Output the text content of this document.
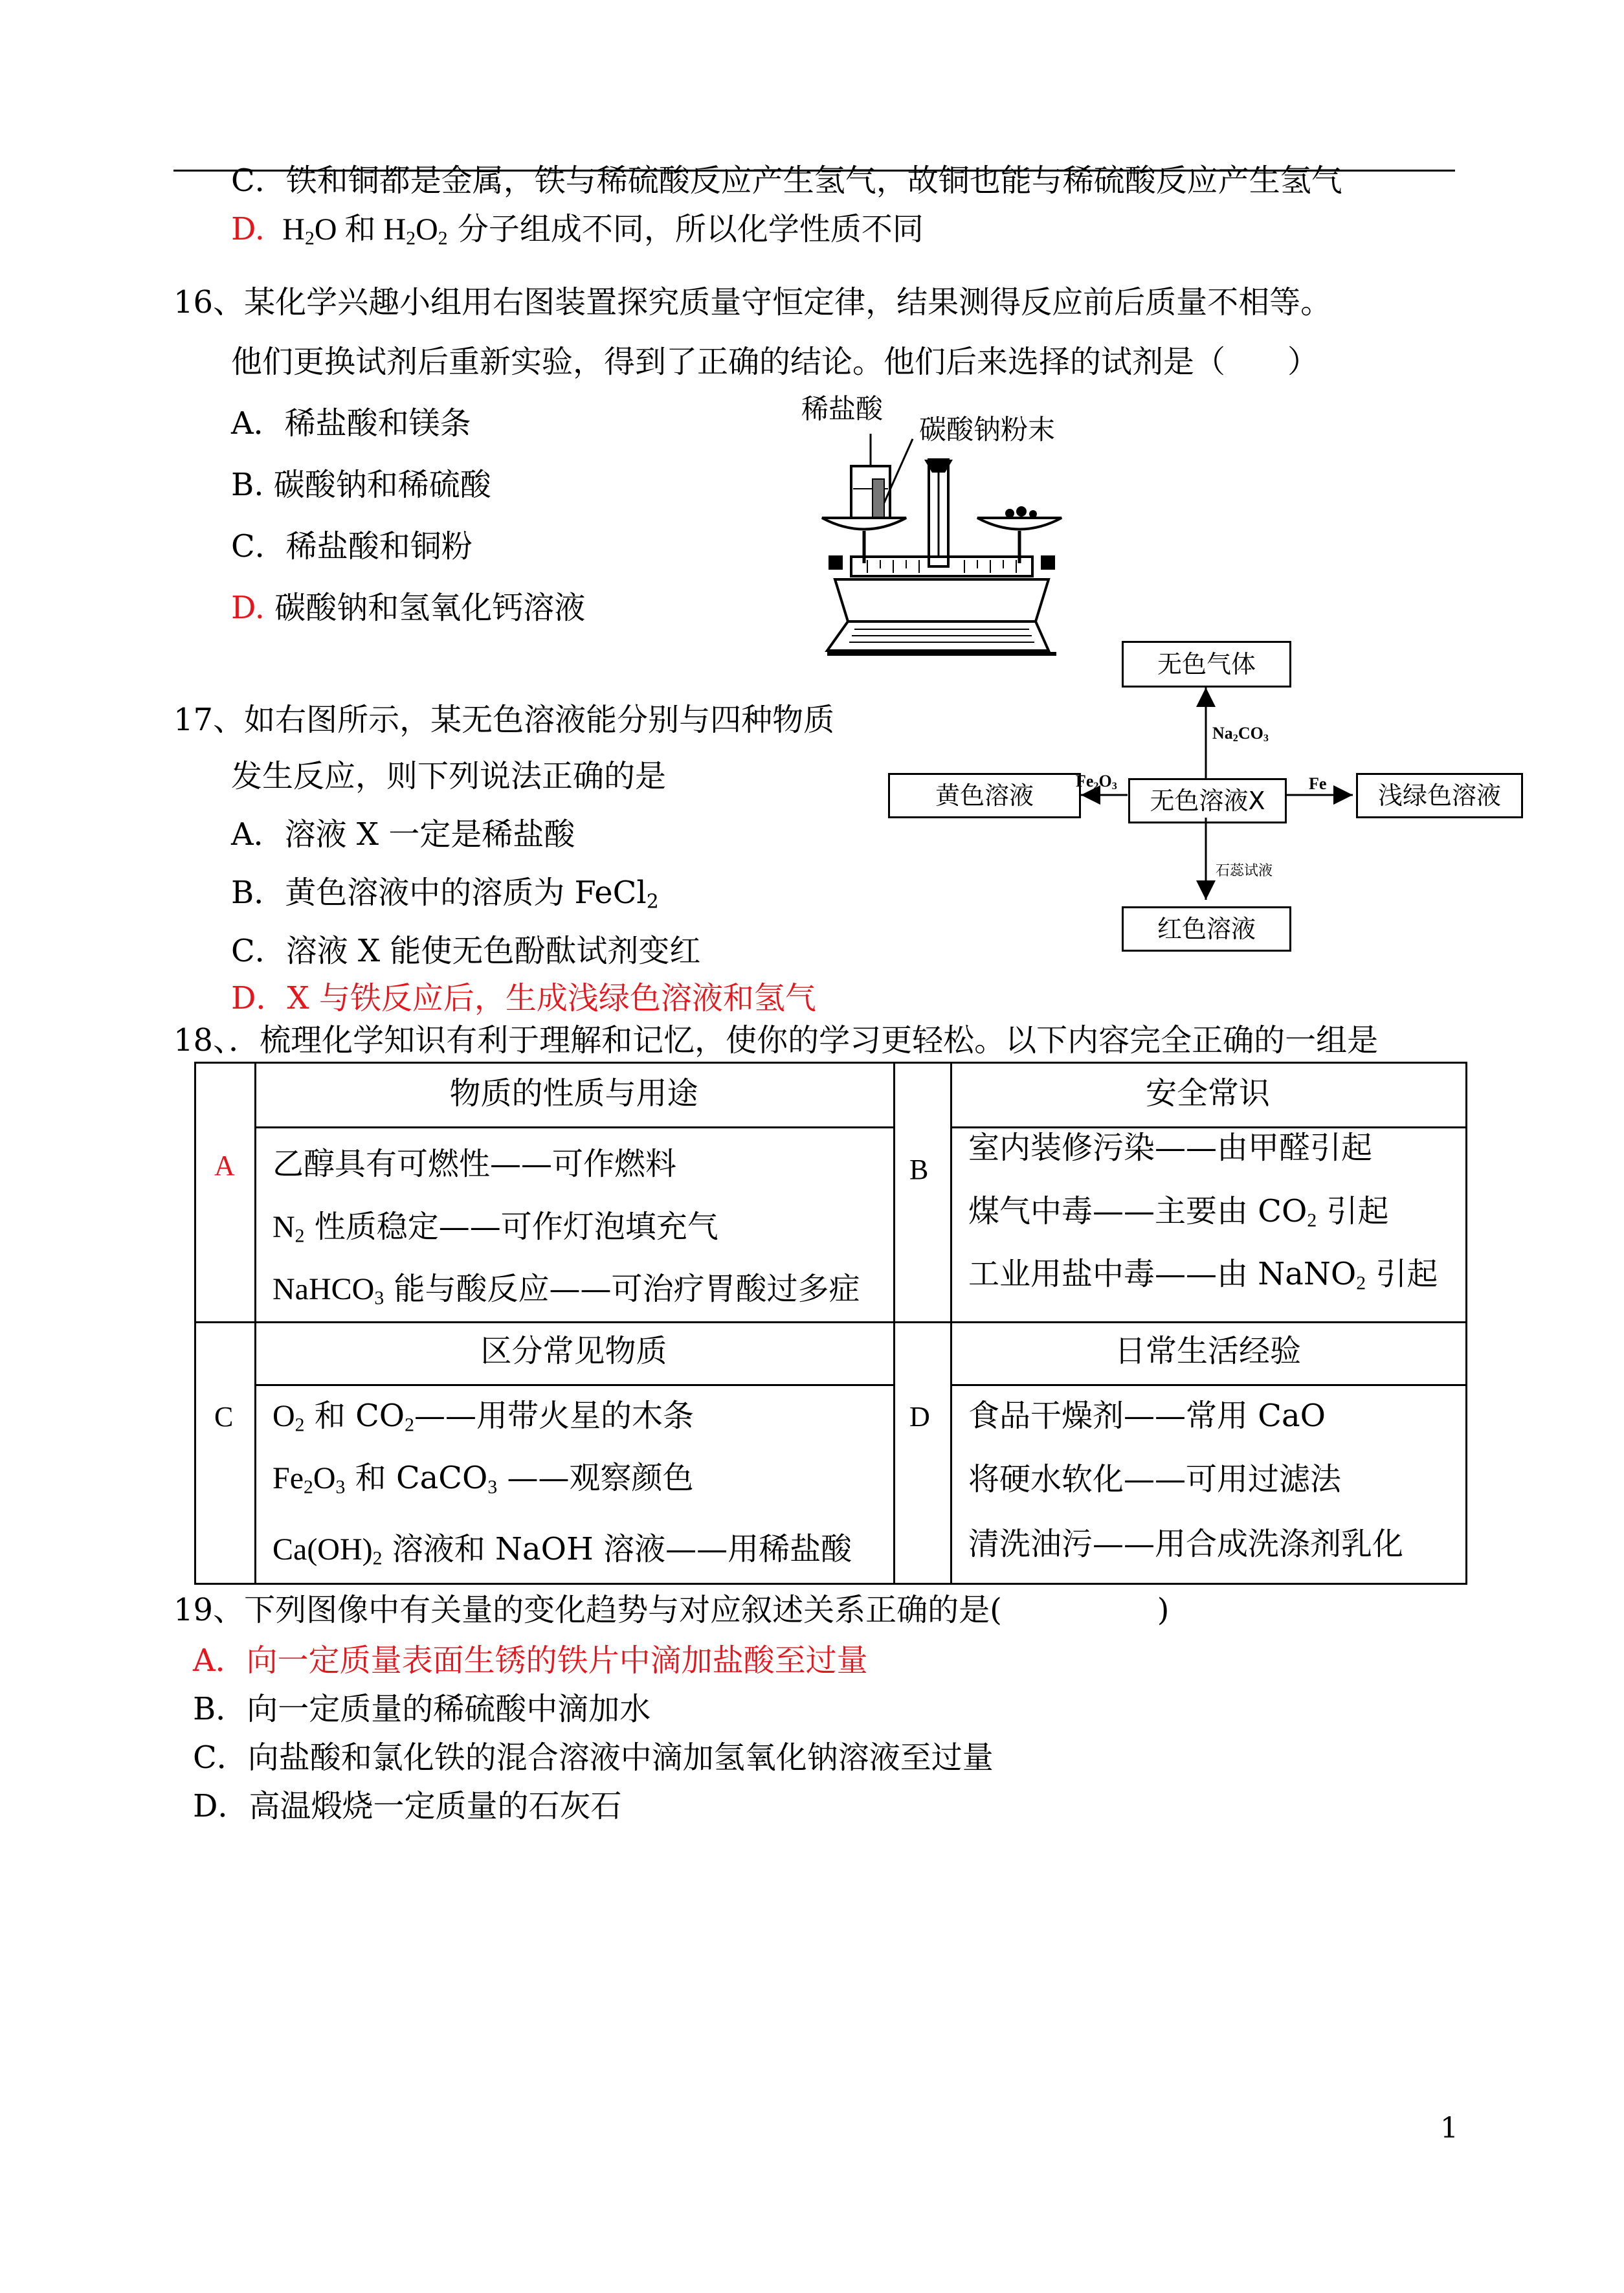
C．铁和铜都是金属，铁与稀硫酸反应产生氢气，故铜也能与稀硫酸反应产生氢气
D. $H_2O$ 和 $H_2O_2$ 分子组成不同，所以化学性质不同
16、某化学兴趣小组用右图装置探究质量守恒定律，结果测得反应前后质量不相等。
他们更换试剂后重新实验，得到了正确的结论。他们后来选择的试剂是（　　）
A．稀盐酸和镁条
B. 碳酸钠和稀硫酸
C．稀盐酸和铜粉
D. 碳酸钠和氢氧化钙溶液
稀盐酸
碳酸钠粉末
17、如右图所示，某无色溶液能分别与四种物质
发生反应，则下列说法正确的是
A．溶液 X 一定是稀盐酸
B．黄色溶液中的溶质为 FeCl$_2$
C．溶液 X 能使无色酚酞试剂变红
D．X 与铁反应后，生成浅绿色溶液和氢气
无色气体
无色溶液X
黄色溶液	浅绿色溶液
红色溶液
$Na_2CO_3$
$Fe_2O_3$	Fe
石蕊试液
18、．梳理化学知识有利于理解和记忆，使你的学习更轻松。以下内容完全正确的一组是
A
物质的性质与用途
乙醇具有可燃性——可作燃料
$N_2$ 性质稳定——可作灯泡填充气
NaHCO$_3$ 能与酸反应——可治疗胃酸过多症
B
安全常识
室内装修污染——由甲醛引起
煤气中毒——主要由 $CO_2$ 引起
工业用盐中毒——由 NaNO$_2$ 引起
C
区分常见物质
$O_2$ 和 $CO_2——$用带火星的木条
$Fe_2O_3$ 和 CaCO$_3$ ——观察颜色
$Ca(OH)_2$ 溶液和 NaOH 溶液——用稀盐酸
D
日常生活经验
食品干燥剂——常用 CaO
将硬水软化——可用过滤法
清洗油污——用合成洗涤剂乳化
19、下列图像中有关量的变化趋势与对应叙述关系正确的是(　　　　　)
A．向一定质量表面生锈的铁片中滴加盐酸至过量
B．向一定质量的稀硫酸中滴加水
C．向盐酸和氯化铁的混合溶液中滴加氢氧化钠溶液至过量
D．高温煅烧一定质量的石灰石
1
